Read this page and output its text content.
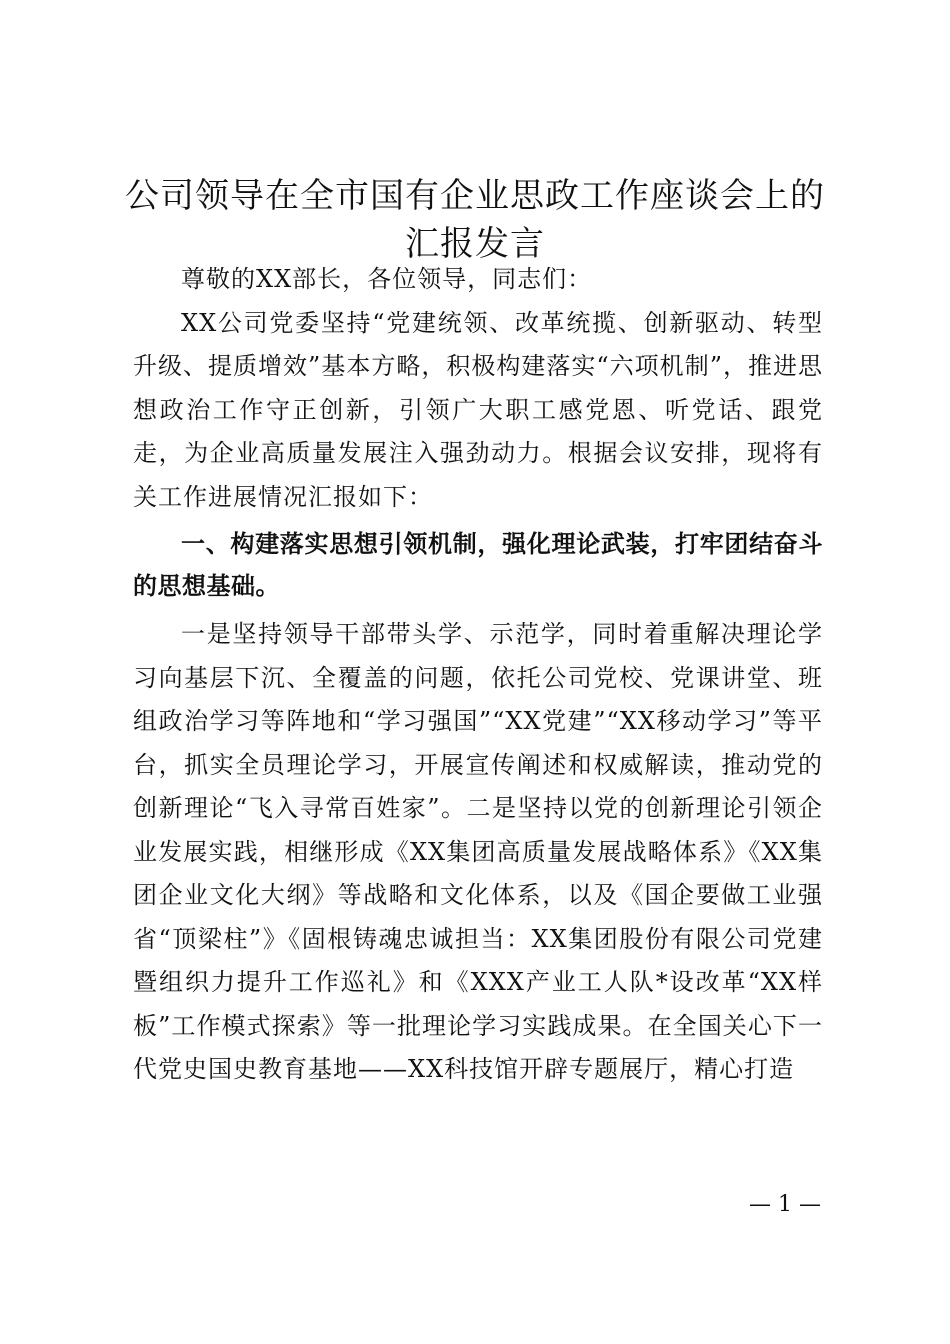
公司领导在全市国有企业思政工作座谈会上的
汇报发言

尊敬的XX部长，各位领导，同志们：

XX公司党委坚持“党建统领、改革统揽、创新驱动、转型升级、提质增效”基本方略，积极构建落实“六项机制”，推进思想政治工作守正创新，引领广大职工感党恩、听党话、跟党走，为企业高质量发展注入强劲动力。根据会议安排，现将有关工作进展情况汇报如下：

一、构建落实思想引领机制，强化理论武装，打牢团结奋斗的思想基础。

一是坚持领导干部带头学、示范学，同时着重解决理论学习向基层下沉、全覆盖的问题，依托公司党校、党课讲堂、班组政治学习等阵地和“学习强国”“XX党建”“XX移动学习”等平台，抓实全员理论学习，开展宣传阐述和权威解读，推动党的创新理论“飞入寻常百姓家”。二是坚持以党的创新理论引领企业发展实践，相继形成《XX集团高质量发展战略体系》《XX集团企业文化大纲》等战略和文化体系，以及《国企要做工业强省“顶梁柱”》《固根铸魂忠诚担当：XX集团股份有限公司党建暨组织力提升工作巡礼》和《XXX产业工人队*设改革“XX样板”工作模式探索》等一批理论学习实践成果。在全国关心下一代党史国史教育基地——XX科技馆开辟专题展厅，精心打造

— 1 —
